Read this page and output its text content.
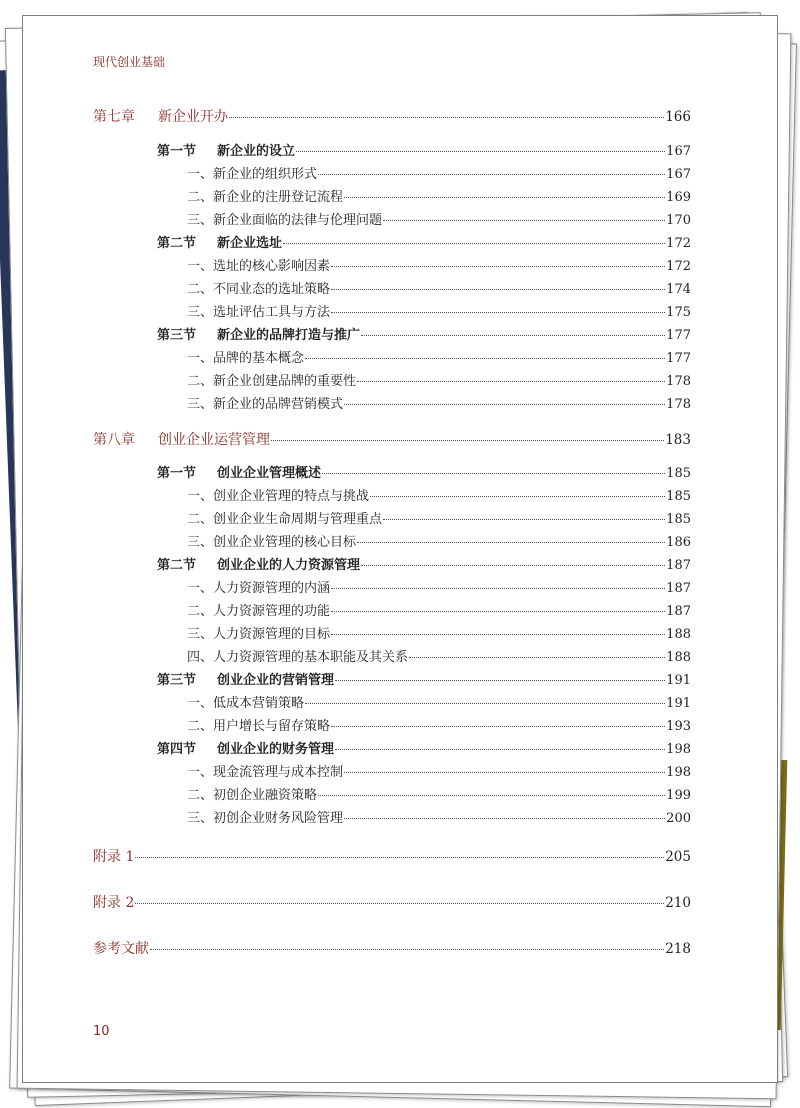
现代创业基础
第七章	新企业开办	166
第一节	新企业的设立	167
一、新企业的组织形式	167
二、新企业的注册登记流程	169
三、新企业面临的法律与伦理问题	170
第二节	新企业选址	172
一、选址的核心影响因素	172
二、不同业态的选址策略	174
三、选址评估工具与方法	175
第三节	新企业的品牌打造与推广	177
一、品牌的基本概念	177
二、新企业创建品牌的重要性	178
三、新企业的品牌营销模式	178
第八章	创业企业运营管理	183
第一节	创业企业管理概述	185
一、创业企业管理的特点与挑战	185
二、创业企业生命周期与管理重点	185
三、创业企业管理的核心目标	186
第二节	创业企业的人力资源管理	187
一、人力资源管理的内涵	187
二、人力资源管理的功能	187
三、人力资源管理的目标	188
四、人力资源管理的基本职能及其关系	188
第三节	创业企业的营销管理	191
一、低成本营销策略	191
二、用户增长与留存策略	193
第四节	创业企业的财务管理	198
一、现金流管理与成本控制	198
二、初创企业融资策略	199
三、初创企业财务风险管理	200
附录 1	205
附录 2	210
参考文献	218
10
